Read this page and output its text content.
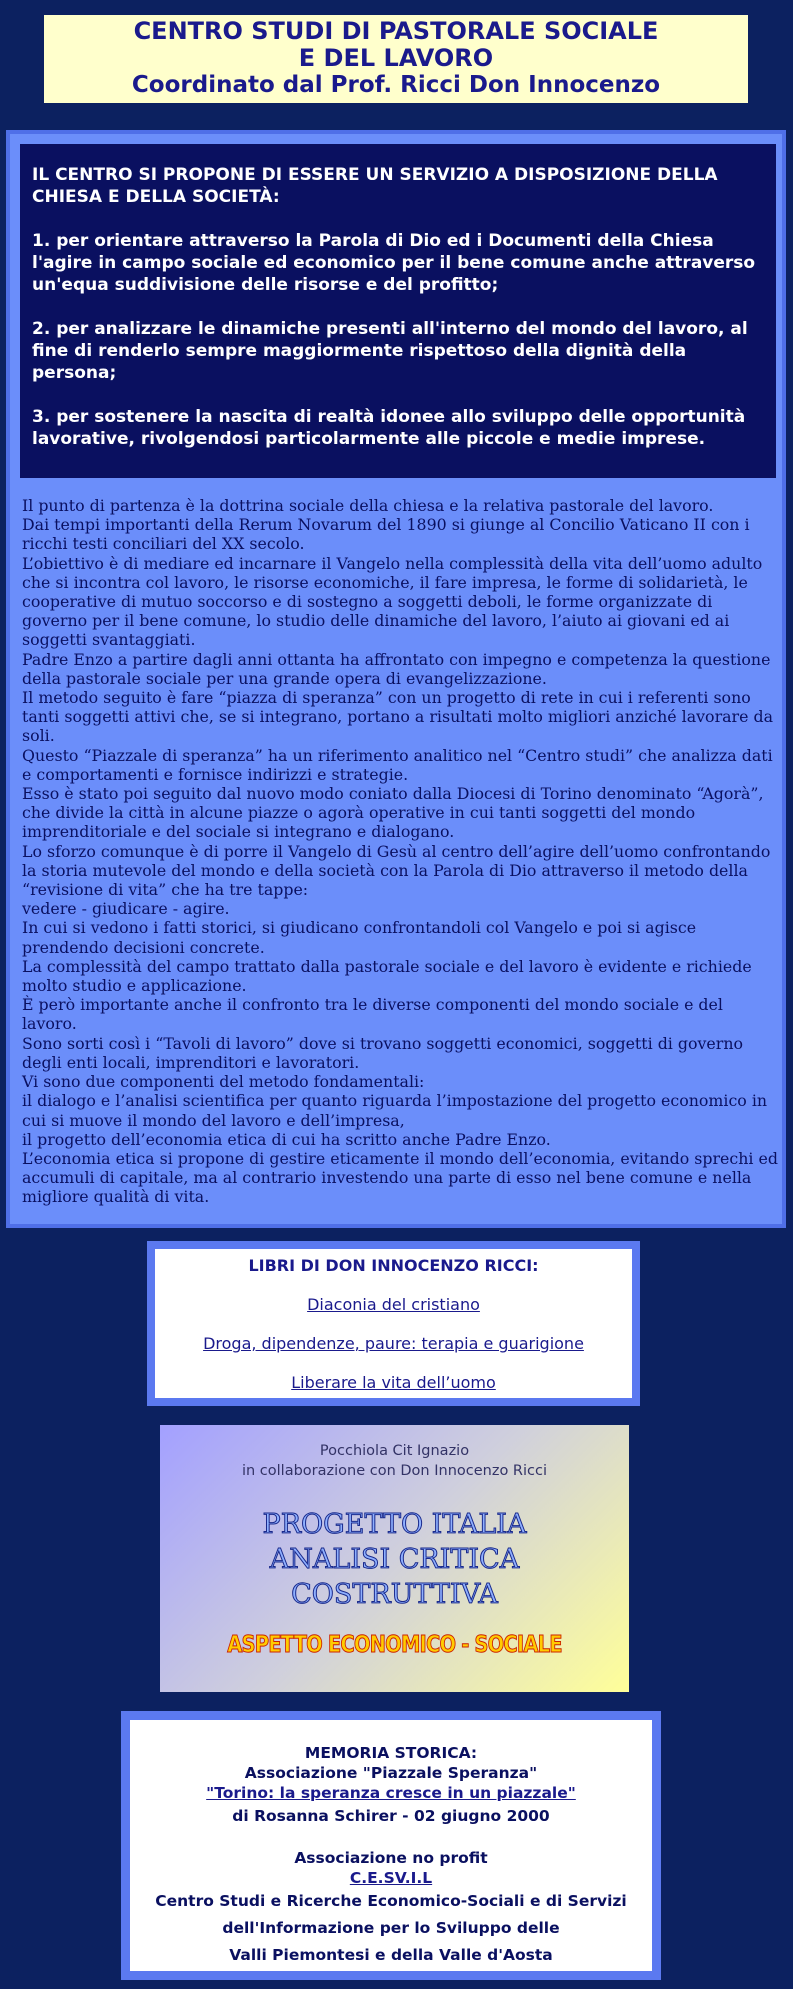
CENTRO STUDI DI PASTORALE SOCIALE
E DEL LAVORO
Coordinato dal Prof. Ricci Don Innocenzo

IL CENTRO SI PROPONE DI ESSERE UN SERVIZIO A DISPOSIZIONE DELLA CHIESA E DELLA SOCIETÀ:

1. per orientare attraverso la Parola di Dio ed i Documenti della Chiesa l'agire in campo sociale ed economico per il bene comune anche attraverso un'equa suddivisione delle risorse e del profitto;

2. per analizzare le dinamiche presenti all'interno del mondo del lavoro, al fine di renderlo sempre maggiormente rispettoso della dignità della persona;

3. per sostenere la nascita di realtà idonee allo sviluppo delle opportunità lavorative, rivolgendosi particolarmente alle piccole e medie imprese.

Il punto di partenza è la dottrina sociale della chiesa e la relativa pastorale del lavoro.

Dai tempi importanti della Rerum Novarum del 1890 si giunge al Concilio Vaticano II con i ricchi testi conciliari del XX secolo.

L’obiettivo è di mediare ed incarnare il Vangelo nella complessità della vita dell’uomo adulto che si incontra col lavoro, le risorse economiche, il fare impresa, le forme di solidarietà, le cooperative di mutuo soccorso e di sostegno a soggetti deboli, le forme organizzate di governo per il bene comune, lo studio delle dinamiche del lavoro, l’aiuto ai giovani ed ai soggetti svantaggiati.

Padre Enzo a partire dagli anni ottanta ha affrontato con impegno e competenza la questione della pastorale sociale per una grande opera di evangelizzazione.

Il metodo seguito è fare “piazza di speranza” con un progetto di rete in cui i referenti sono tanti soggetti attivi che, se si integrano, portano a risultati molto migliori anziché lavorare da soli.

Questo “Piazzale di speranza” ha un riferimento analitico nel “Centro studi” che analizza dati e comportamenti e fornisce indirizzi e strategie.

Esso è stato poi seguito dal nuovo modo coniato dalla Diocesi di Torino denominato “Agorà”, che divide la città in alcune piazze o agorà operative in cui tanti soggetti del mondo imprenditoriale e del sociale si integrano e dialogano.

Lo sforzo comunque è di porre il Vangelo di Gesù al centro dell’agire dell’uomo confrontando la storia mutevole del mondo e della società con la Parola di Dio attraverso il metodo della “revisione di vita” che ha tre tappe:

vedere - giudicare - agire.

In cui si vedono i fatti storici, si giudicano confrontandoli col Vangelo e poi si agisce prendendo decisioni concrete.

La complessità del campo trattato dalla pastorale sociale e del lavoro è evidente e richiede molto studio e applicazione.

È però importante anche il confronto tra le diverse componenti del mondo sociale e del lavoro.

Sono sorti così i “Tavoli di lavoro” dove si trovano soggetti economici, soggetti di governo degli enti locali, imprenditori e lavoratori.

Vi sono due componenti del metodo fondamentali:

il dialogo e l’analisi scientifica per quanto riguarda l’impostazione del progetto economico in cui si muove il mondo del lavoro e dell’impresa,

il progetto dell’economia etica di cui ha scritto anche Padre Enzo.

L’economia etica si propone di gestire eticamente il mondo dell’economia, evitando sprechi ed accumuli di capitale, ma al contrario investendo una parte di esso nel bene comune e nella migliore qualità di vita.

LIBRI DI DON INNOCENZO RICCI:
Diaconia del cristiano
Droga, dipendenze, paure: terapia e guarigione
Liberare la vita dell’uomo
Pocchiola Cit Ignazio
in collaborazione con Don Innocenzo Ricci
PROGETTO ITALIA
ANALISI CRITICA
COSTRUTTIVA
ASPETTO ECONOMICO - SOCIALE
MEMORIA STORICA:
Associazione "Piazzale Speranza"
"Torino: la speranza cresce in un piazzale"
di Rosanna Schirer - 02 giugno 2000
Associazione no profit
C.E.SV.I.L
Centro Studi e Ricerche Economico-Sociali e di Servizi
dell'Informazione per lo Sviluppo delle
Valli Piemontesi e della Valle d'Aosta
